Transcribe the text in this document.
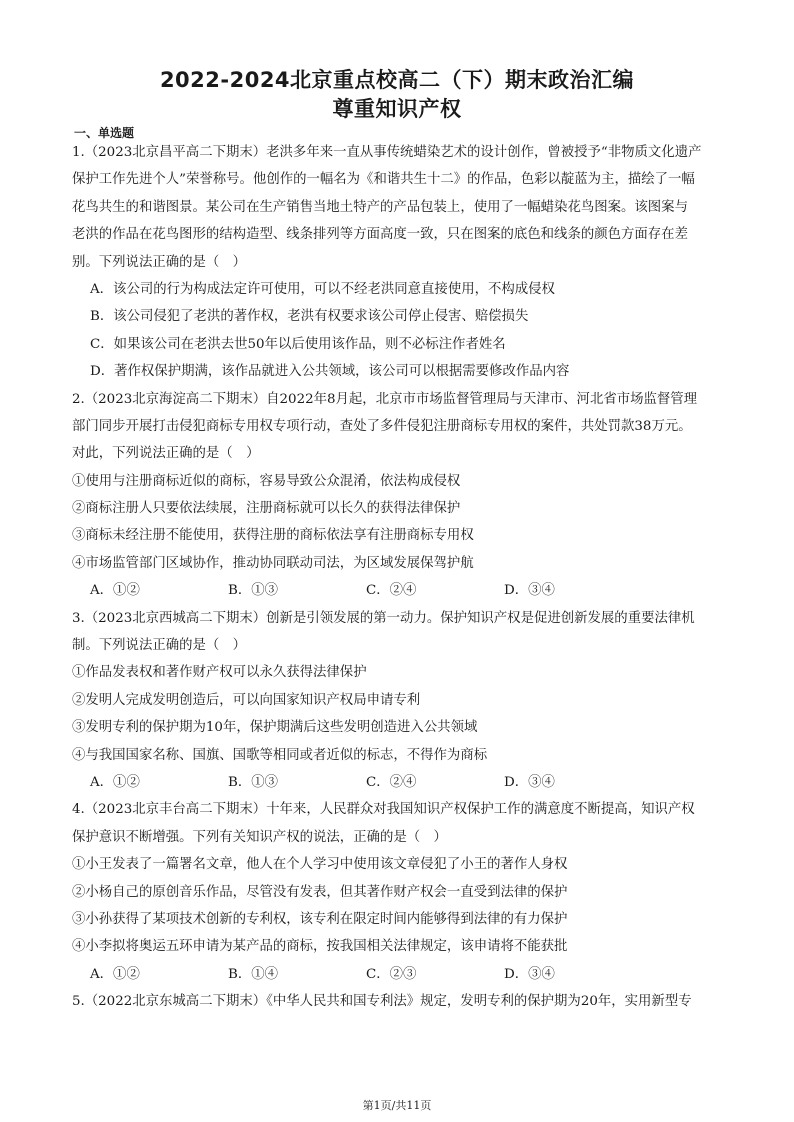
2022-2024北京重点校高二（下）期末政治汇编
尊重知识产权
一、单选题
1.（2023北京昌平高二下期末）老洪多年来一直从事传统蜡染艺术的设计创作，曾被授予“非物质文化遗产
保护工作先进个人”荣誉称号。他创作的一幅名为《和谐共生十二》的作品，色彩以靛蓝为主，描绘了一幅
花鸟共生的和谐图景。某公司在生产销售当地土特产的产品包装上，使用了一幅蜡染花鸟图案。该图案与
老洪的作品在花鸟图形的结构造型、线条排列等方面高度一致，只在图案的底色和线条的颜色方面存在差
别。下列说法正确的是（　）
A．该公司的行为构成法定许可使用，可以不经老洪同意直接使用，不构成侵权
B．该公司侵犯了老洪的著作权，老洪有权要求该公司停止侵害、赔偿损失
C．如果该公司在老洪去世50年以后使用该作品，则不必标注作者姓名
D．著作权保护期满，该作品就进入公共领域，该公司可以根据需要修改作品内容
2.（2023北京海淀高二下期末）自2022年8月起，北京市市场监督管理局与天津市、河北省市场监督管理
部门同步开展打击侵犯商标专用权专项行动，查处了多件侵犯注册商标专用权的案件，共处罚款38万元。
对此，下列说法正确的是（　）
①使用与注册商标近似的商标，容易导致公众混淆，依法构成侵权
②商标注册人只要依法续展，注册商标就可以长久的获得法律保护
③商标未经注册不能使用，获得注册的商标依法享有注册商标专用权
④市场监管部门区域协作，推动协同联动司法，为区域发展保驾护航
A．①②	B．①③	C．②④	D．③④
3.（2023北京西城高二下期末）创新是引领发展的第一动力。保护知识产权是促进创新发展的重要法律机
制。下列说法正确的是（　）
①作品发表权和著作财产权可以永久获得法律保护
②发明人完成发明创造后，可以向国家知识产权局申请专利
③发明专利的保护期为10年，保护期满后这些发明创造进入公共领域
④与我国国家名称、国旗、国歌等相同或者近似的标志，不得作为商标
A．①②	B．①③	C．②④	D．③④
4.（2023北京丰台高二下期末）十年来，人民群众对我国知识产权保护工作的满意度不断提高，知识产权
保护意识不断增强。下列有关知识产权的说法，正确的是（　）
①小王发表了一篇署名文章，他人在个人学习中使用该文章侵犯了小王的著作人身权
②小杨自己的原创音乐作品，尽管没有发表，但其著作财产权会一直受到法律的保护
③小孙获得了某项技术创新的专利权，该专利在限定时间内能够得到法律的有力保护
④小李拟将奥运五环申请为某产品的商标，按我国相关法律规定，该申请将不能获批
A．①②	B．①④	C．②③	D．③④
5.（2022北京东城高二下期末）《中华人民共和国专利法》规定，发明专利的保护期为20年，实用新型专
第1页/共11页
